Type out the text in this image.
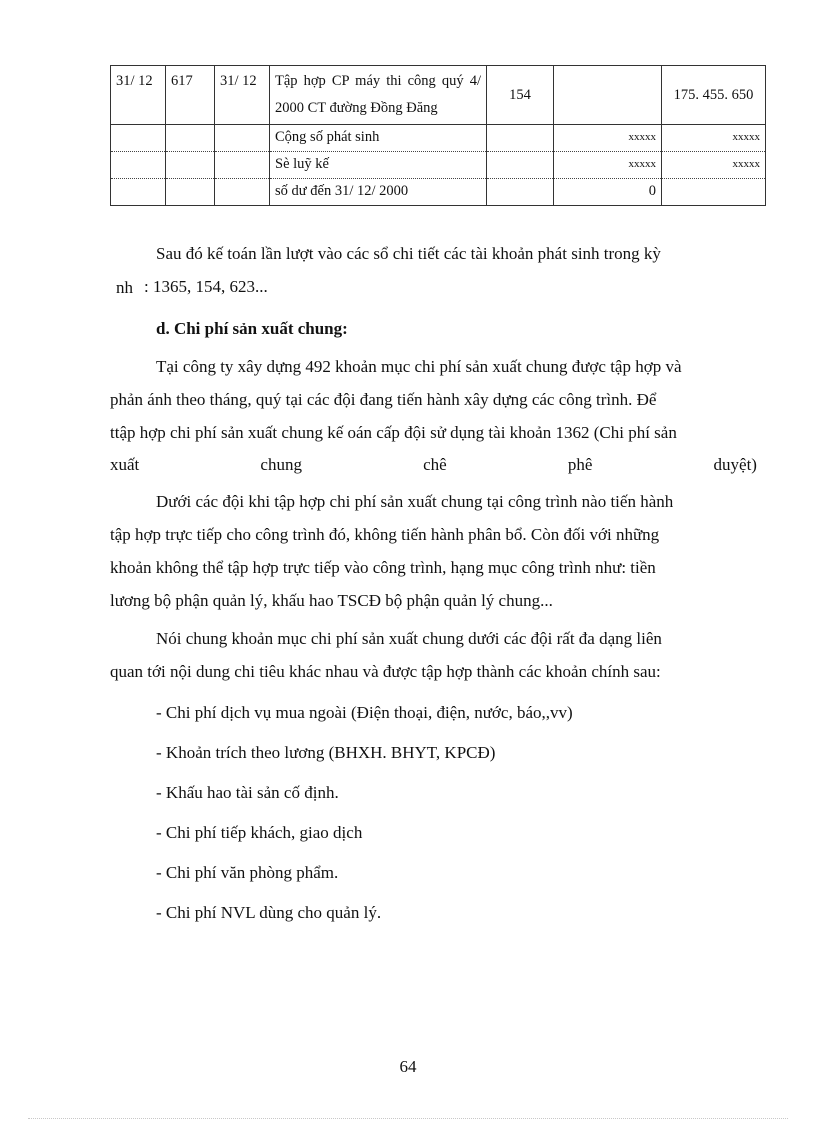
31/ 12	617	31/ 12	Tập hợp CP máy thi công quý 4/ 2000 CT đường Đồng Đăng	154		175. 455. 650
			Cộng số phát sinh		xxxxx	xxxxx
			Sè luỹ kế		xxxxx	xxxxx
			số dư đến 31/ 12/ 2000		0	
Sau đó kế toán lần lượt vào các sổ chi tiết các tài khoản phát sinh trong kỳ
nh : 1365, 154, 623...
d. Chi phí sản xuất chung:
Tại công ty xây dựng 492 khoản mục chi phí sản xuất chung được tập hợp và
phản ánh theo tháng, quý tại các đội đang tiến hành xây dựng các công trình. Để
ttập hợp chi phí sản xuất chung kế oán cấp đội sử dụng tài khoản 1362 (Chi phí sản
xuất	chung	chê	phê	duyệt)
Dưới các đội khi tập hợp chi phí sản xuất chung tại công trình nào tiến hành
tập hợp trực tiếp cho công trình đó, không tiến hành phân bổ. Còn đối với những
khoản không thể tập hợp trực tiếp vào công trình, hạng mục công trình như: tiền
lương bộ phận quản lý, khấu hao TSCĐ bộ phận quản lý chung...
Nói chung khoản mục chi phí sản xuất chung dưới các đội rất đa dạng liên
quan tới nội dung chi tiêu khác nhau và được tập hợp thành các khoản chính sau:
- Chi phí dịch vụ mua ngoài (Điện thoại, điện, nước, báo,,vv)
- Khoản trích theo lương (BHXH. BHYT, KPCĐ)
- Khấu hao tài sản cố định.
- Chi phí tiếp khách, giao dịch
- Chi phí văn phòng phẩm.
- Chi phí NVL dùng cho quản lý.
64
